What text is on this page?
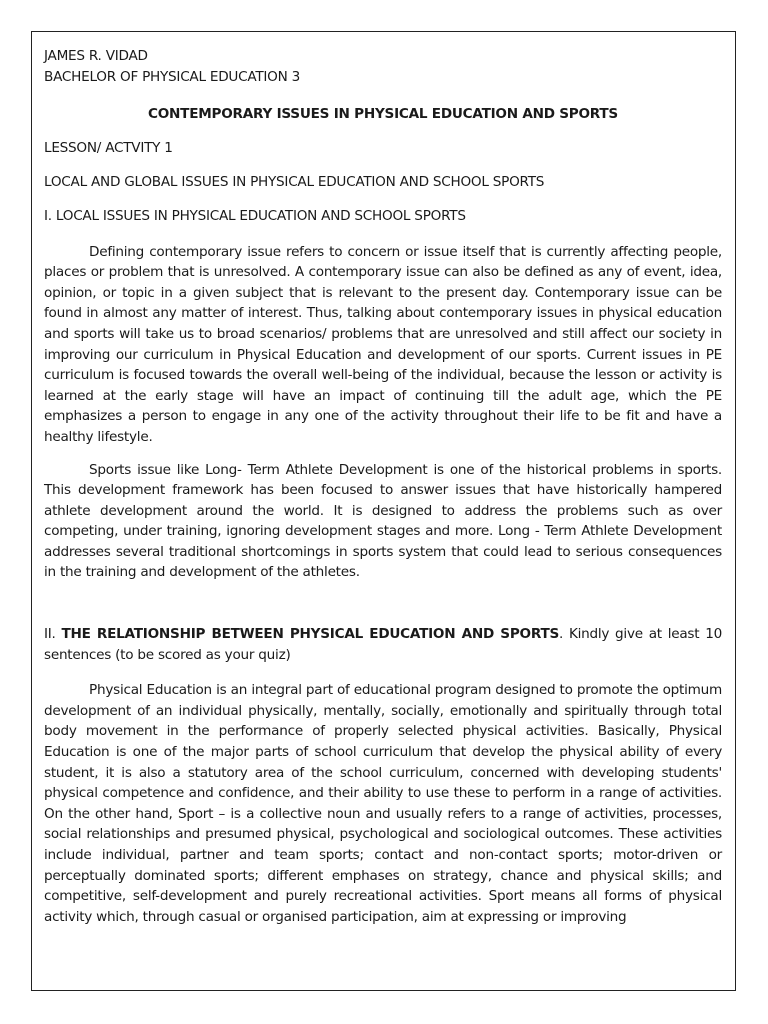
JAMES R. VIDAD

BACHELOR OF PHYSICAL EDUCATION 3

CONTEMPORARY ISSUES IN PHYSICAL EDUCATION AND SPORTS

LESSON/ ACTVITY 1

LOCAL AND GLOBAL ISSUES IN PHYSICAL EDUCATION AND SCHOOL SPORTS

I. LOCAL ISSUES IN PHYSICAL EDUCATION AND SCHOOL SPORTS

Defining contemporary issue refers to concern or issue itself that is currently affecting people, places or problem that is unresolved. A contemporary issue can also be defined as any of event, idea, opinion, or topic in a given subject that is relevant to the present day. Contemporary issue can be found in almost any matter of interest. Thus, talking about contemporary issues in physical education and sports will take us to broad scenarios/ problems that are unresolved and still affect our society in improving our curriculum in Physical Education and development of our sports. Current issues in PE curriculum is focused towards the overall well-being of the individual, because the lesson or activity is learned at the early stage will have an impact of continuing till the adult age, which the PE emphasizes a person to engage in any one of the activity throughout their life to be fit and have a healthy lifestyle.

Sports issue like Long- Term Athlete Development is one of the historical problems in sports. This development framework has been focused to answer issues that have historically hampered athlete development around the world. It is designed to address the problems such as over competing, under training, ignoring development stages and more. Long - Term Athlete Development addresses several traditional shortcomings in sports system that could lead to serious consequences in the training and development of the athletes.

II. THE RELATIONSHIP BETWEEN PHYSICAL EDUCATION AND SPORTS. Kindly give at least 10 sentences (to be scored as your quiz)

Physical Education is an integral part of educational program designed to promote the optimum development of an individual physically, mentally, socially, emotionally and spiritually through total body movement in the performance of properly selected physical activities. Basically, Physical Education is one of the major parts of school curriculum that develop the physical ability of every student, it is also a statutory area of the school curriculum, concerned with developing students' physical competence and confidence, and their ability to use these to perform in a range of activities. On the other hand, Sport – is a collective noun and usually refers to a range of activities, processes, social relationships and presumed physical, psychological and sociological outcomes. These activities include individual, partner and team sports; contact and non-contact sports; motor-driven or perceptually dominated sports; different emphases on strategy, chance and physical skills; and competitive, self-development and purely recreational activities. Sport means all forms of physical activity which, through casual or organised participation, aim at expressing or improving
